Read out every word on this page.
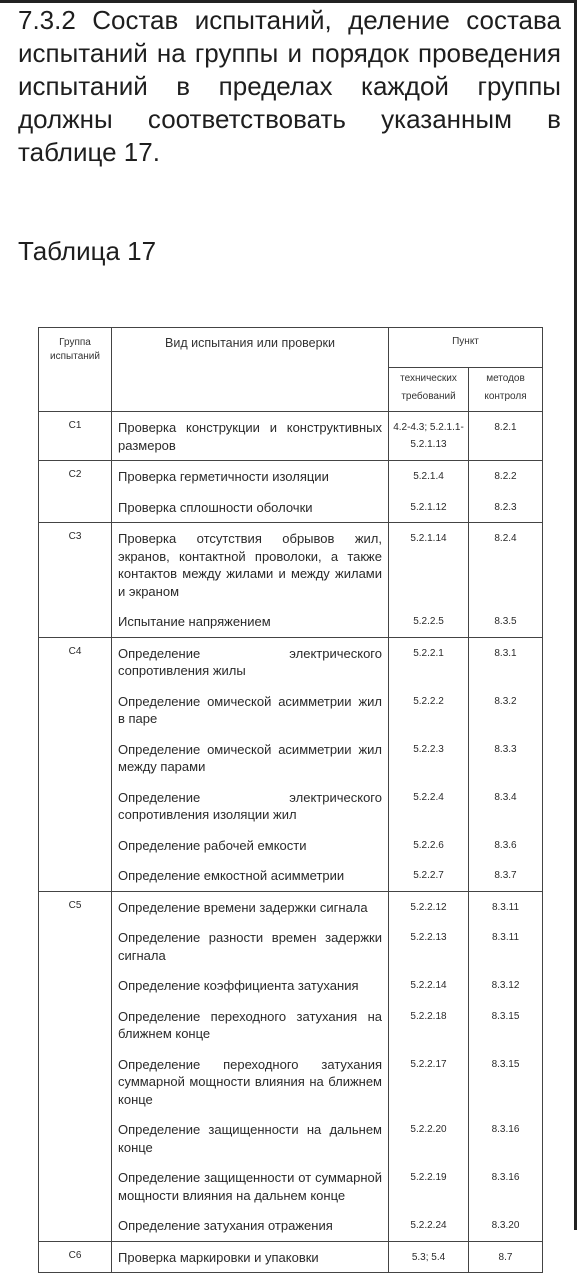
7.3.2 Состав испытаний, деление состава испытаний на группы и порядок проведения испытаний в пределах каждой группы должны соответствовать указанным в таблице 17.
Таблица 17
Группа испытаний	Вид испытания или проверки	Пункт	
		технических требований	методов контроля
С1	Проверка конструкции и конструктивных размеров	4.2-4.3; 5.2.1.1- 5.2.1.13	8.2.1
С2	Проверка герметичности изоляции	5.2.1.4	8.2.2
	Проверка сплошности оболочки	5.2.1.12	8.2.3
С3	Проверка отсутствия обрывов жил, экранов, контактной проволоки, а также контактов между жилами и между жилами и экраном	5.2.1.14	8.2.4
	Испытание напряжением	5.2.2.5	8.3.5
С4	Определение электрического сопротивления жилы	5.2.2.1	8.3.1
	Определение омической асимметрии жил в паре	5.2.2.2	8.3.2
	Определение омической асимметрии жил между парами	5.2.2.3	8.3.3
	Определение электрического сопротивления изоляции жил	5.2.2.4	8.3.4
	Определение рабочей емкости	5.2.2.6	8.3.6
	Определение емкостной асимметрии	5.2.2.7	8.3.7
С5	Определение времени задержки сигнала	5.2.2.12	8.3.11
	Определение разности времен задержки сигнала	5.2.2.13	8.3.11
	Определение коэффициента затухания	5.2.2.14	8.3.12
	Определение переходного затухания на ближнем конце	5.2.2.18	8.3.15
	Определение переходного затухания суммарной мощности влияния на ближнем конце	5.2.2.17	8.3.15
	Определение защищенности на дальнем конце	5.2.2.20	8.3.16
	Определение защищенности от суммарной мощности влияния на дальнем конце	5.2.2.19	8.3.16
	Определение затухания отражения	5.2.2.24	8.3.20
С6	Проверка маркировки и упаковки	5.3; 5.4	8.7
